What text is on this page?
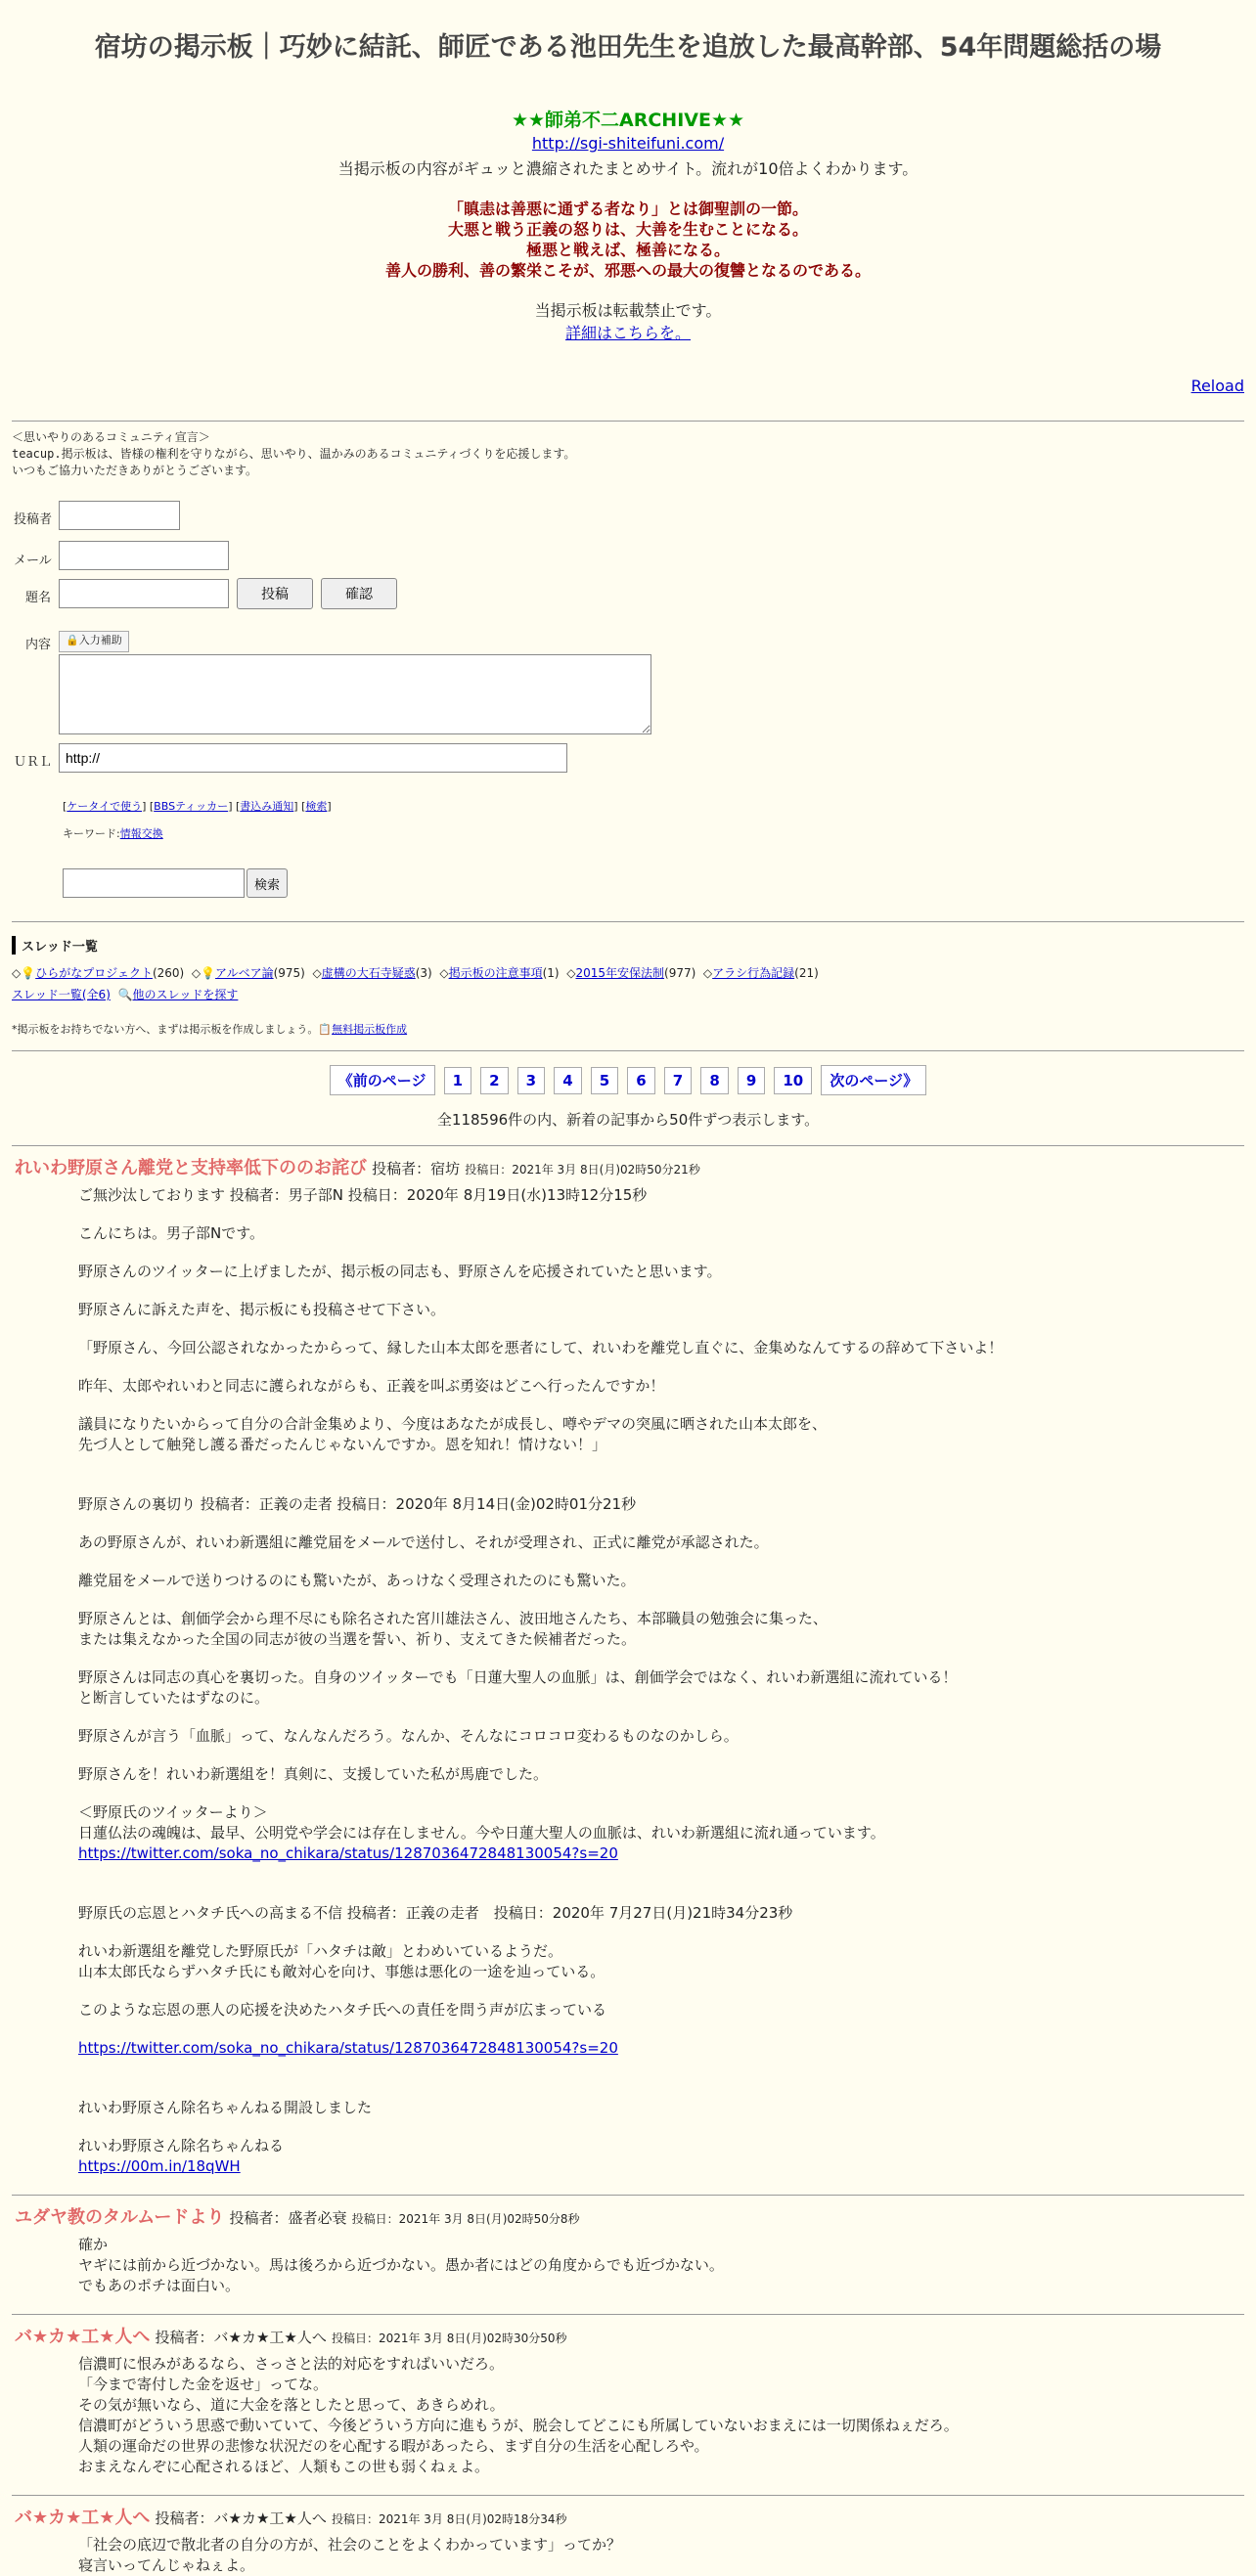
宿坊の掲示板｜巧妙に結託、師匠である池田先生を追放した最高幹部、54年問題総括の場
★★師弟不二ARCHIVE★★
http://sgi-shiteifuni.com/
当掲示板の内容がギュッと濃縮されたまとめサイト。流れが10倍よくわかります。
「瞋恚は善悪に通ずる者なり」とは御聖訓の一節。
大悪と戦う正義の怒りは、大善を生むことになる。
極悪と戦えば、極善になる。
善人の勝利、善の繁栄こそが、邪悪への最大の復讐となるのである。
当掲示板は転載禁止です。
詳細はこちらを。
Reload
＜思いやりのあるコミュニティ宣言＞
teacup.掲示板は、皆様の権利を守りながら、思いやり、温かみのあるコミュニティづくりを応援します。
いつもご協力いただきありがとうございます。
投稿者
メール
題名	投稿	確認
内容	🔒入力補助
ＵＲＬ
http://
[ケータイで使う] [BBSティッカー] [書込み通知] [検索]
キーワード:情報交換
検索
スレッド一覧
◇💡ひらがなプロジェクト(260)  ◇💡アルベア論(975)  ◇虚構の大石寺疑惑(3)  ◇掲示板の注意事項(1)  ◇2015年安保法制(977)  ◇アラシ行為記録(21)
スレッド一覧(全6) 🔍他のスレッドを探す
*掲示板をお持ちでない方へ、まずは掲示板を作成しましょう。📋無料掲示板作成
《前のページ 1 2 3 4 5 6 7 8 9 10 次のページ》
全118596件の内、新着の記事から50件ずつ表示します。
れいわ野原さん離党と支持率低下ののお詫び 投稿者：宿坊 投稿日：2021年 3月 8日(月)02時50分21秒

ご無沙汰しております 投稿者：男子部N 投稿日：2020年 8月19日(水)13時12分15秒

こんにちは。男子部Nです。

野原さんのツイッターに上げましたが、掲示板の同志も、野原さんを応援されていたと思います。

野原さんに訴えた声を、掲示板にも投稿させて下さい。

「野原さん、今回公認されなかったからって、縁した山本太郎を悪者にして、れいわを離党し直ぐに、金集めなんてするの辞めて下さいよ！

昨年、太郎やれいわと同志に護られながらも、正義を叫ぶ勇姿はどこへ行ったんですか！

議員になりたいからって自分の合計金集めより、今度はあなたが成長し、噂やデマの突風に晒された山本太郎を、
先づ人として触発し護る番だったんじゃないんですか。恩を知れ！情けない！」

野原さんの裏切り 投稿者：正義の走者 投稿日：2020年 8月14日(金)02時01分21秒

あの野原さんが、れいわ新選組に離党届をメールで送付し、それが受理され、正式に離党が承認された。

離党届をメールで送りつけるのにも驚いたが、あっけなく受理されたのにも驚いた。

野原さんとは、創価学会から理不尽にも除名された宮川雄法さん、波田地さんたち、本部職員の勉強会に集った、
または集えなかった全国の同志が彼の当選を誓い、祈り、支えてきた候補者だった。

野原さんは同志の真心を裏切った。自身のツイッターでも「日蓮大聖人の血脈」は、創価学会ではなく、れいわ新選組に流れている！
と断言していたはずなのに。

野原さんが言う「血脈」って、なんなんだろう。なんか、そんなにコロコロ変わるものなのかしら。

野原さんを！れいわ新選組を！真剣に、支援していた私が馬鹿でした。

＜野原氏のツイッターより＞
日蓮仏法の魂魄は、最早、公明党や学会には存在しません。今や日蓮大聖人の血脈は、れいわ新選組に流れ通っています。

https://twitter.com/soka_no_chikara/status/1287036472848130054?s=20

野原氏の忘恩とハタチ氏への高まる不信 投稿者：正義の走者　投稿日：2020年 7月27日(月)21時34分23秒

れいわ新選組を離党した野原氏が「ハタチは敵」とわめいているようだ。
山本太郎氏ならずハタチ氏にも敵対心を向け、事態は悪化の一途を辿っている。

このような忘恩の悪人の応援を決めたハタチ氏への責任を問う声が広まっている

https://twitter.com/soka_no_chikara/status/1287036472848130054?s=20

れいわ野原さん除名ちゃんねる開設しました

れいわ野原さん除名ちゃんねる

https://00m.in/18qWH

ユダヤ教のタルムードより 投稿者：盛者必衰 投稿日：2021年 3月 8日(月)02時50分8秒

確か
ヤギには前から近づかない。馬は後ろから近づかない。愚か者にはどの角度からでも近づかない。
でもあのポチは面白い。

バ★カ★工★人へ 投稿者：バ★カ★工★人へ 投稿日：2021年 3月 8日(月)02時30分50秒

信濃町に恨みがあるなら、さっさと法的対応をすればいいだろ。
「今まで寄付した金を返せ」ってな。
その気が無いなら、道に大金を落としたと思って、あきらめれ。
信濃町がどういう思惑で動いていて、今後どういう方向に進もうが、脱会してどこにも所属していないおまえには一切関係ねぇだろ。
人類の運命だの世界の悲惨な状況だのを心配する暇があったら、まず自分の生活を心配しろや。
おまえなんぞに心配されるほど、人類もこの世も弱くねぇよ。

バ★カ★工★人へ 投稿者：バ★カ★工★人へ 投稿日：2021年 3月 8日(月)02時18分34秒

「社会の底辺で散北者の自分の方が、社会のことをよくわかっています」ってか？
寝言いってんじゃねぇよ。
